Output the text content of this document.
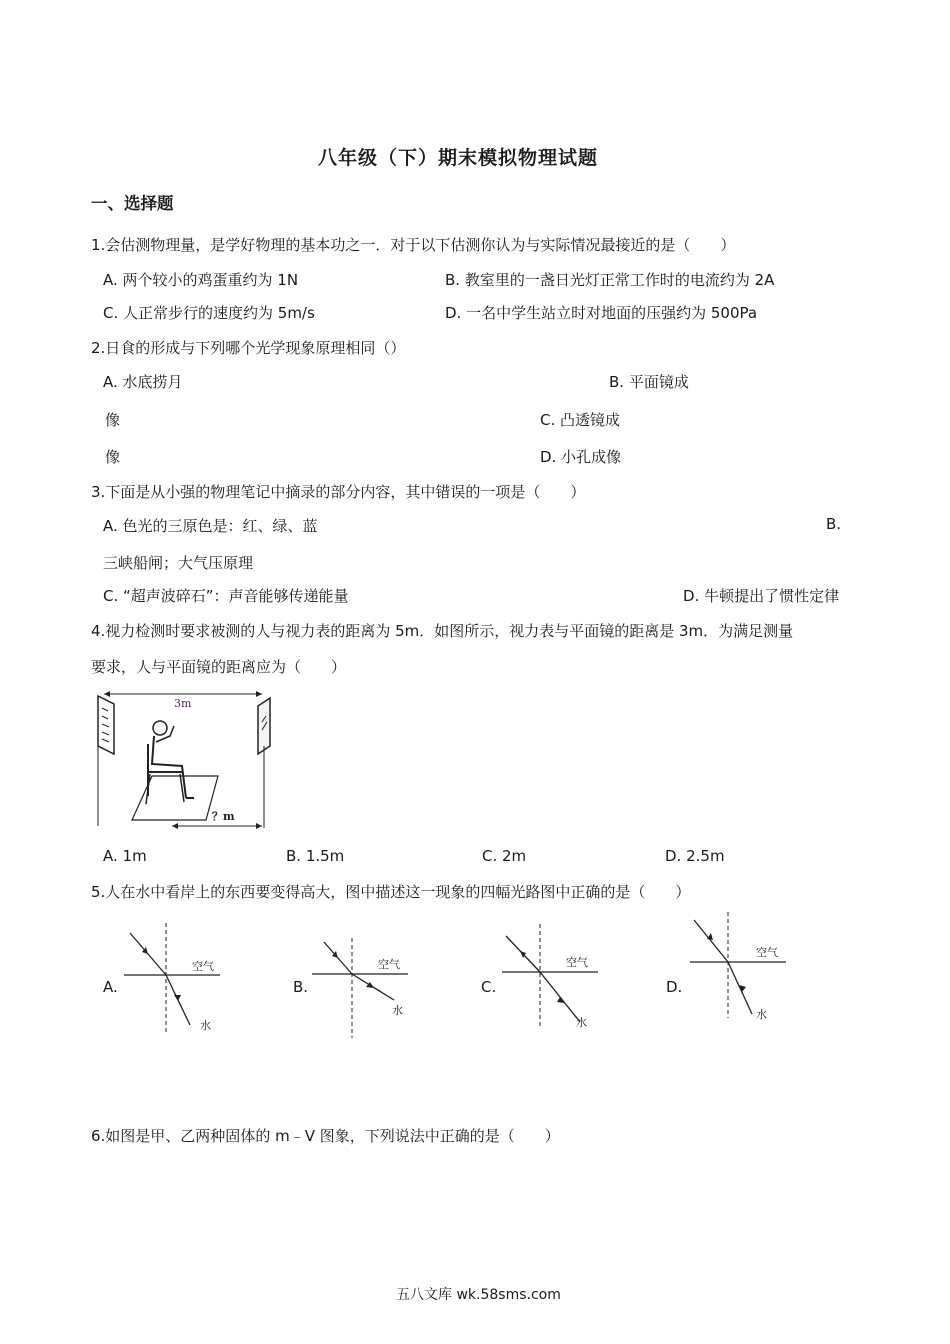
八年级（下）期末模拟物理试题
一、选择题
1.会估测物理量，是学好物理的基本功之一．对于以下估测你认为与实际情况最接近的是（　　）
A. 两个较小的鸡蛋重约为 1N	B. 教室里的一盏日光灯正常工作时的电流约为 2A
C. 人正常步行的速度约为 5m/s	D. 一名中学生站立时对地面的压强约为 500Pa
2.日食的形成与下列哪个光学现象原理相同（）
A. 水底捞月	B. 平面镜成
像	C. 凸透镜成
像	D. 小孔成像
3.下面是从小强的物理笔记中摘录的部分内容，其中错误的一项是（　　）
A. 色光的三原色是：红、绿、蓝	B.
三峡船闸；大气压原理
C. “超声波碎石”：声音能够传递能量	D. 牛顿提出了惯性定律
4.视力检测时要求被测的人与视力表的距离为 5m．如图所示，视力表与平面镜的距离是 3m．为满足测量
要求，人与平面镜的距离应为（　　）
3m
？m
A. 1m	B. 1.5m	C. 2m	D. 2.5m
5.人在水中看岸上的东西要变得高大，图中描述这一现象的四幅光路图中正确的是（　　）
A.
空气
水
B.
空气
水
C.
空气
水
D.
空气
水
6.如图是甲、乙两种固体的 m﹣V 图象，下列说法中正确的是（　　）
五八文库 wk.58sms.com
